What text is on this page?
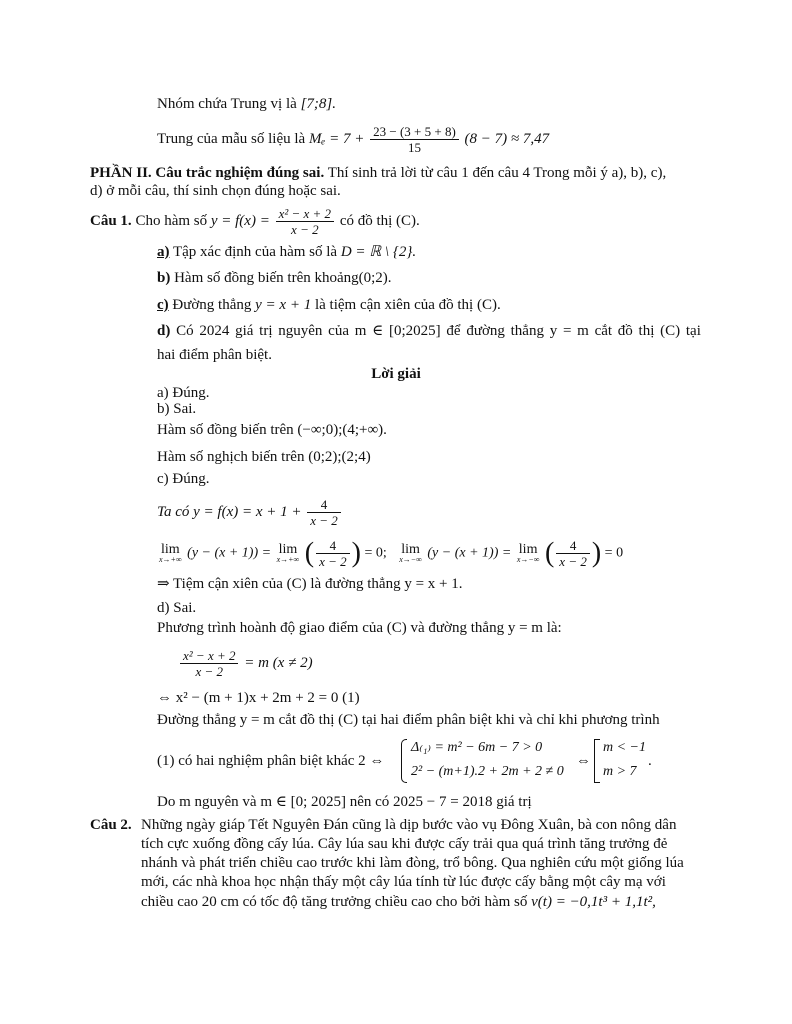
Nhóm chứa Trung vị là [7;8].
Trung của mẫu số liệu là $M_e = 7 + \frac{23 - (3 + 5 + 8)}{15} (8 - 7) \approx 7,47$
PHẦN II. Câu trắc nghiệm đúng sai. Thí sinh trả lời từ câu 1 đến câu 4 Trong mỗi ý a), b), c),
d) ở mỗi câu, thí sinh chọn đúng hoặc sai.
Câu 1. Cho hàm số $y = f(x) = \frac{\text{x² − x + 2}}{x - 2}$ có đồ thị (C).
a) Tập xác định của hàm số là D = ℝ \ {2}.
b) Hàm số đồng biến trên khoảng(0;2).
c) Đường thẳng y = x + 1 là tiệm cận xiên của đồ thị (C).
d) Có 2024 giá trị nguyên của m ∈ [0;2025] để đường thẳng y = m cắt đồ thị (C) tại
hai điểm phân biệt.
Lời giải
a) Đúng.
b) Sai.
Hàm số đồng biến trên (−∞;0);(4;+∞).
Hàm số nghịch biến trên (0;2);(2;4)
c) Đúng.
Ta có $y = f(x) = x + 1 + \frac{4}{x - 2}$
lim
x→+∞ (y − (x + 1)) = lim
x→+∞ ( $\frac{4}{x - 2}$ ) = 0; lim
x→−∞ (y − (x + 1)) = lim
x→−∞ ( $\frac{4}{x - 2}$ ) = 0
⇒ Tiệm cận xiên của (C) là đường thẳng y = x + 1.
d) Sai.
Phương trình hoành độ giao điểm của (C) và đường thẳng y = m là:
$\frac{\text{x² − x + 2}}{x - 2} = m$ (x ≠ 2)
⇔ x² − (m + 1)x + 2m + 2 = 0 (1)
Đường thẳng y = m cắt đồ thị (C) tại hai điểm phân biệt khi và chỉ khi phương trình
(1) có hai nghiệm phân biệt khác 2 ⇔
Δ₍₁₎ = m² − 6m − 7 > 0
2² − (m+1).2 + 2m + 2 ≠ 0
⇔
m < −1
m > 7
.
Do m nguyên và m ∈ [0; 2025] nên có 2025 − 7 = 2018 giá trị
Câu 2. Những ngày giáp Tết Nguyên Đán cũng là dịp bước vào vụ Đông Xuân, bà con nông dân
tích cực xuống đồng cấy lúa. Cây lúa sau khi được cấy trải qua quá trình tăng trưởng đẻ
nhánh và phát triển chiều cao trước khi làm đòng, trổ bông. Qua nghiên cứu một giống lúa
mới, các nhà khoa học nhận thấy một cây lúa tính từ lúc được cấy bằng một cây mạ với
chiều cao 20 cm có tốc độ tăng trưởng chiều cao cho bởi hàm số v(t) = −0,1t³ + 1,1t²,
